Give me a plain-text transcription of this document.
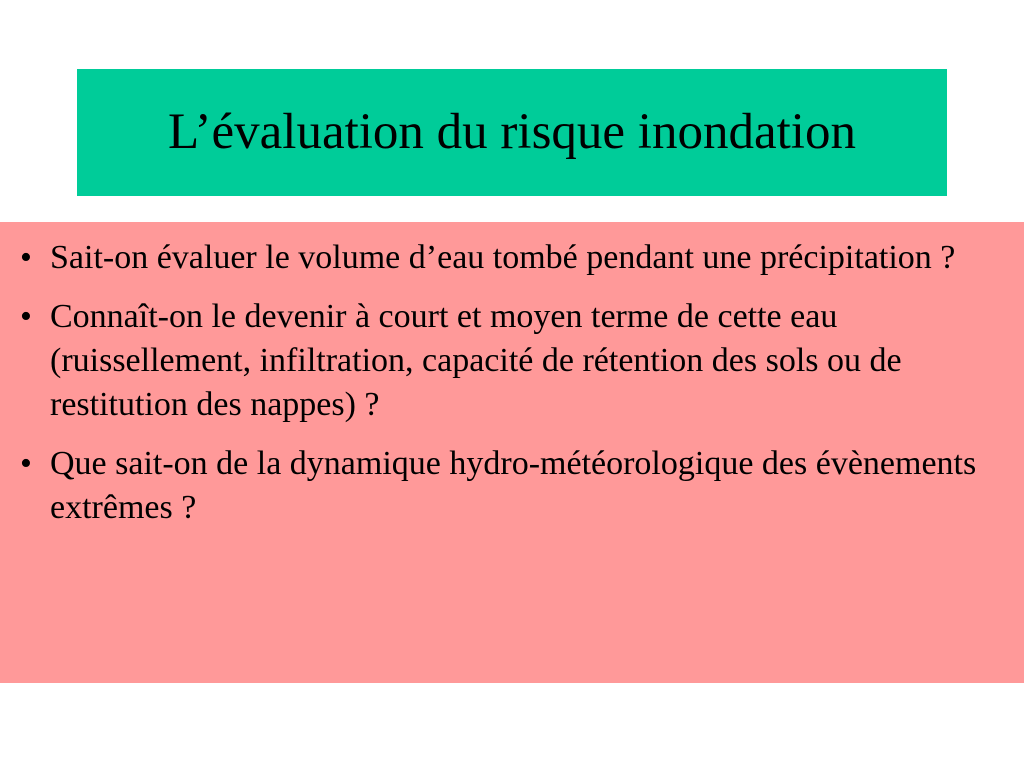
L’évaluation du risque inondation
• Sait-on évaluer le volume d’eau tombé pendant une précipitation ?
• Connaît-on le devenir à court et moyen terme de cette eau (ruissellement, infiltration, capacité de rétention des sols ou de restitution des nappes) ?
• Que sait-on de la dynamique hydro-météorologique des évènements extrêmes ?
